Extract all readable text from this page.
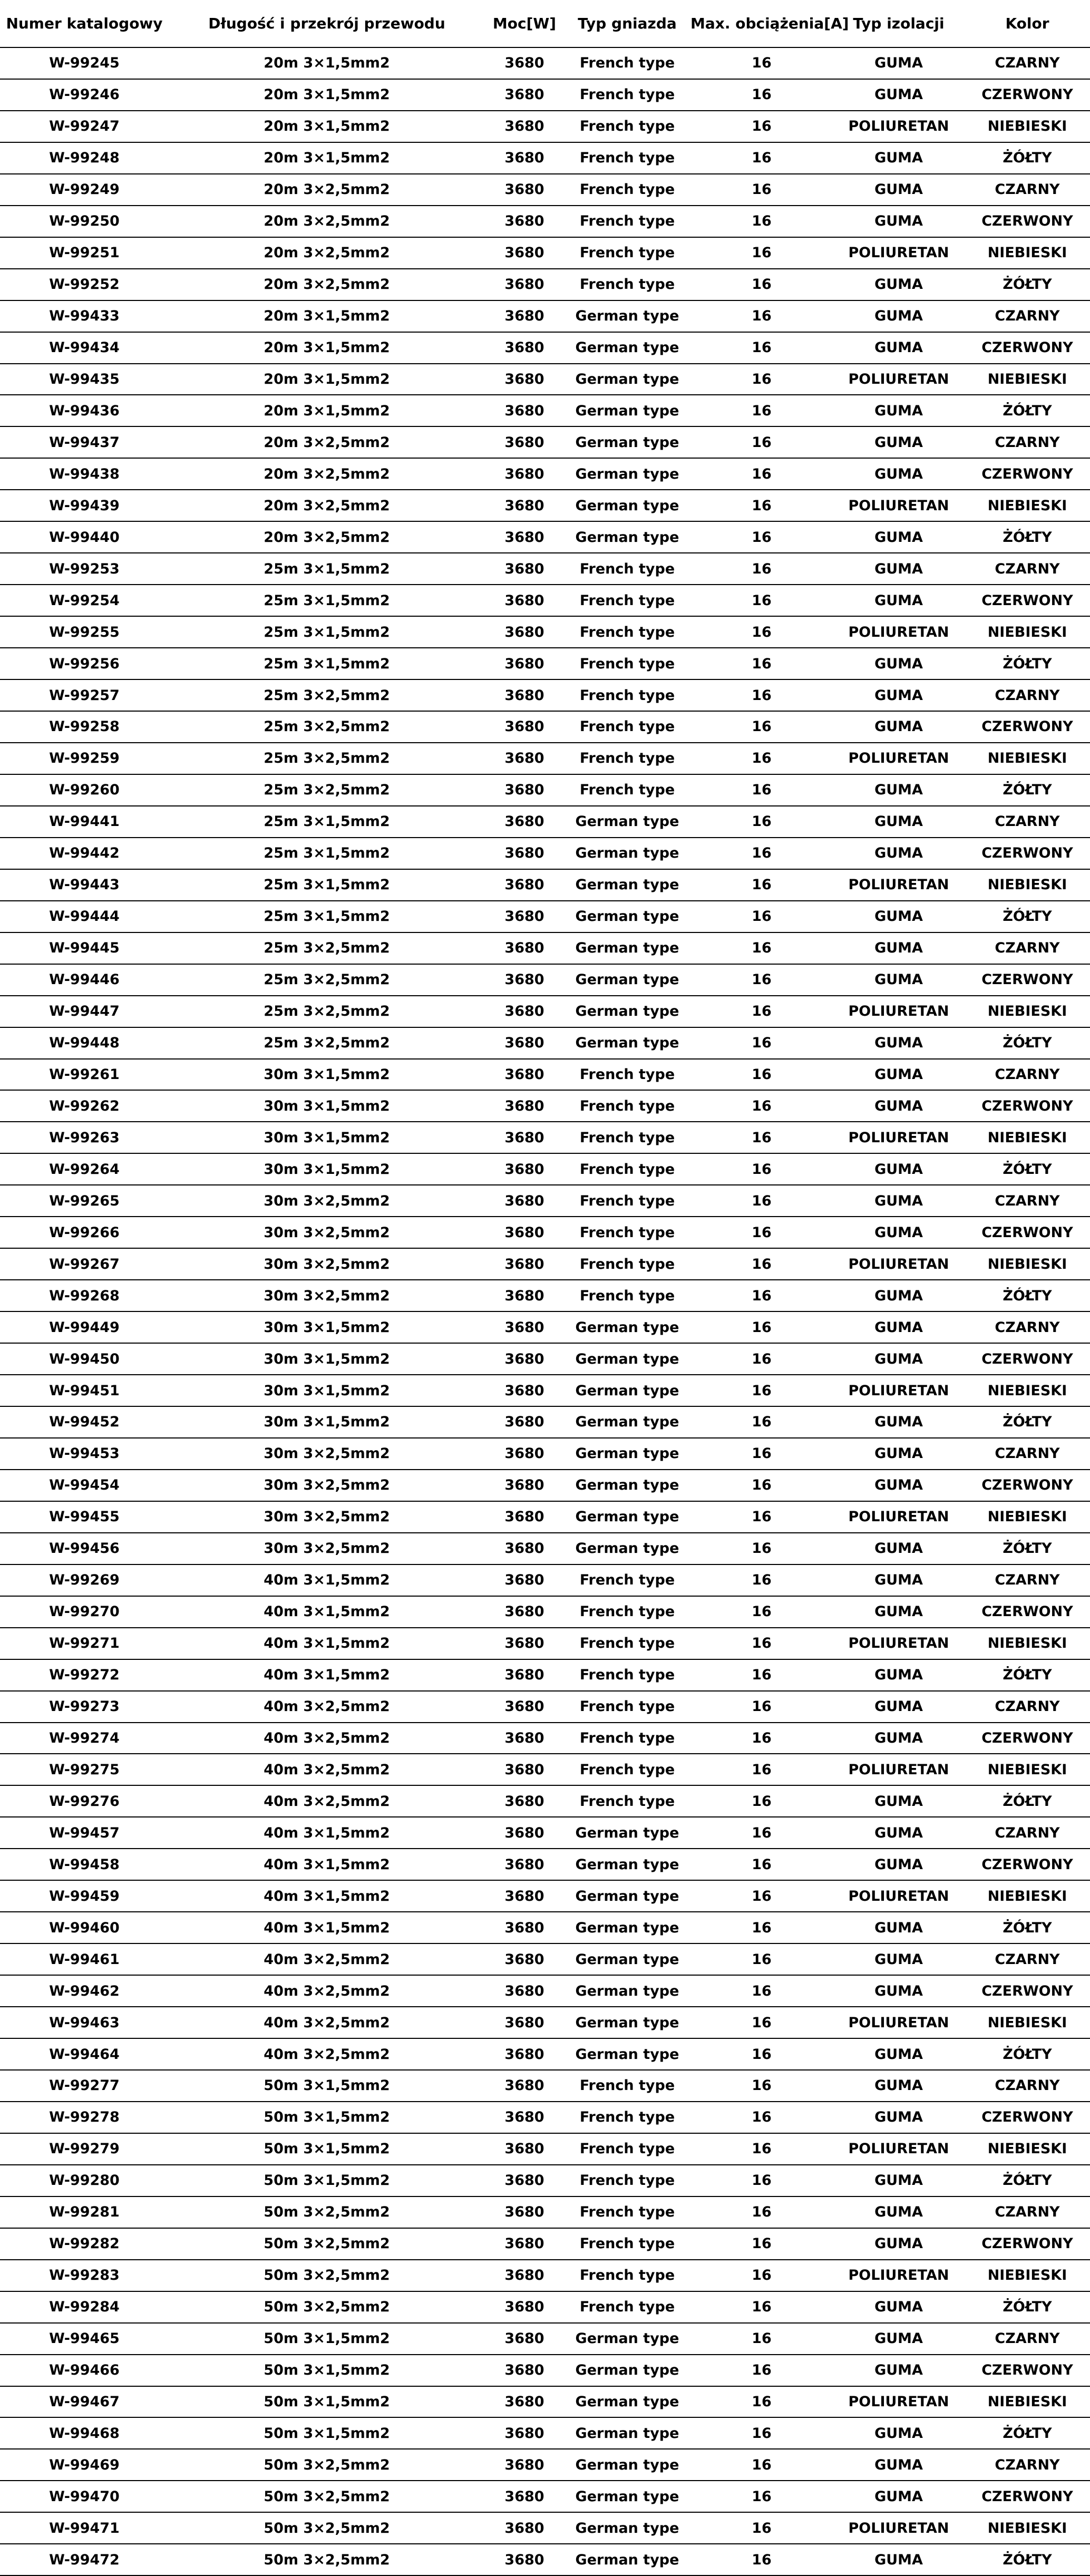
Numer katalogowy	Długość i przekrój przewodu	Moc[W]	Typ gniazda	Max. obciążenia[A]	Typ izolacji	Kolor
W-99245	20m 3×1,5mm2	3680	French type	16	GUMA	CZARNY
W-99246	20m 3×1,5mm2	3680	French type	16	GUMA	CZERWONY
W-99247	20m 3×1,5mm2	3680	French type	16	POLIURETAN	NIEBIESKI
W-99248	20m 3×1,5mm2	3680	French type	16	GUMA	ŻÓŁTY
W-99249	20m 3×2,5mm2	3680	French type	16	GUMA	CZARNY
W-99250	20m 3×2,5mm2	3680	French type	16	GUMA	CZERWONY
W-99251	20m 3×2,5mm2	3680	French type	16	POLIURETAN	NIEBIESKI
W-99252	20m 3×2,5mm2	3680	French type	16	GUMA	ŻÓŁTY
W-99433	20m 3×1,5mm2	3680	German type	16	GUMA	CZARNY
W-99434	20m 3×1,5mm2	3680	German type	16	GUMA	CZERWONY
W-99435	20m 3×1,5mm2	3680	German type	16	POLIURETAN	NIEBIESKI
W-99436	20m 3×1,5mm2	3680	German type	16	GUMA	ŻÓŁTY
W-99437	20m 3×2,5mm2	3680	German type	16	GUMA	CZARNY
W-99438	20m 3×2,5mm2	3680	German type	16	GUMA	CZERWONY
W-99439	20m 3×2,5mm2	3680	German type	16	POLIURETAN	NIEBIESKI
W-99440	20m 3×2,5mm2	3680	German type	16	GUMA	ŻÓŁTY
W-99253	25m 3×1,5mm2	3680	French type	16	GUMA	CZARNY
W-99254	25m 3×1,5mm2	3680	French type	16	GUMA	CZERWONY
W-99255	25m 3×1,5mm2	3680	French type	16	POLIURETAN	NIEBIESKI
W-99256	25m 3×1,5mm2	3680	French type	16	GUMA	ŻÓŁTY
W-99257	25m 3×2,5mm2	3680	French type	16	GUMA	CZARNY
W-99258	25m 3×2,5mm2	3680	French type	16	GUMA	CZERWONY
W-99259	25m 3×2,5mm2	3680	French type	16	POLIURETAN	NIEBIESKI
W-99260	25m 3×2,5mm2	3680	French type	16	GUMA	ŻÓŁTY
W-99441	25m 3×1,5mm2	3680	German type	16	GUMA	CZARNY
W-99442	25m 3×1,5mm2	3680	German type	16	GUMA	CZERWONY
W-99443	25m 3×1,5mm2	3680	German type	16	POLIURETAN	NIEBIESKI
W-99444	25m 3×1,5mm2	3680	German type	16	GUMA	ŻÓŁTY
W-99445	25m 3×2,5mm2	3680	German type	16	GUMA	CZARNY
W-99446	25m 3×2,5mm2	3680	German type	16	GUMA	CZERWONY
W-99447	25m 3×2,5mm2	3680	German type	16	POLIURETAN	NIEBIESKI
W-99448	25m 3×2,5mm2	3680	German type	16	GUMA	ŻÓŁTY
W-99261	30m 3×1,5mm2	3680	French type	16	GUMA	CZARNY
W-99262	30m 3×1,5mm2	3680	French type	16	GUMA	CZERWONY
W-99263	30m 3×1,5mm2	3680	French type	16	POLIURETAN	NIEBIESKI
W-99264	30m 3×1,5mm2	3680	French type	16	GUMA	ŻÓŁTY
W-99265	30m 3×2,5mm2	3680	French type	16	GUMA	CZARNY
W-99266	30m 3×2,5mm2	3680	French type	16	GUMA	CZERWONY
W-99267	30m 3×2,5mm2	3680	French type	16	POLIURETAN	NIEBIESKI
W-99268	30m 3×2,5mm2	3680	French type	16	GUMA	ŻÓŁTY
W-99449	30m 3×1,5mm2	3680	German type	16	GUMA	CZARNY
W-99450	30m 3×1,5mm2	3680	German type	16	GUMA	CZERWONY
W-99451	30m 3×1,5mm2	3680	German type	16	POLIURETAN	NIEBIESKI
W-99452	30m 3×1,5mm2	3680	German type	16	GUMA	ŻÓŁTY
W-99453	30m 3×2,5mm2	3680	German type	16	GUMA	CZARNY
W-99454	30m 3×2,5mm2	3680	German type	16	GUMA	CZERWONY
W-99455	30m 3×2,5mm2	3680	German type	16	POLIURETAN	NIEBIESKI
W-99456	30m 3×2,5mm2	3680	German type	16	GUMA	ŻÓŁTY
W-99269	40m 3×1,5mm2	3680	French type	16	GUMA	CZARNY
W-99270	40m 3×1,5mm2	3680	French type	16	GUMA	CZERWONY
W-99271	40m 3×1,5mm2	3680	French type	16	POLIURETAN	NIEBIESKI
W-99272	40m 3×1,5mm2	3680	French type	16	GUMA	ŻÓŁTY
W-99273	40m 3×2,5mm2	3680	French type	16	GUMA	CZARNY
W-99274	40m 3×2,5mm2	3680	French type	16	GUMA	CZERWONY
W-99275	40m 3×2,5mm2	3680	French type	16	POLIURETAN	NIEBIESKI
W-99276	40m 3×2,5mm2	3680	French type	16	GUMA	ŻÓŁTY
W-99457	40m 3×1,5mm2	3680	German type	16	GUMA	CZARNY
W-99458	40m 3×1,5mm2	3680	German type	16	GUMA	CZERWONY
W-99459	40m 3×1,5mm2	3680	German type	16	POLIURETAN	NIEBIESKI
W-99460	40m 3×1,5mm2	3680	German type	16	GUMA	ŻÓŁTY
W-99461	40m 3×2,5mm2	3680	German type	16	GUMA	CZARNY
W-99462	40m 3×2,5mm2	3680	German type	16	GUMA	CZERWONY
W-99463	40m 3×2,5mm2	3680	German type	16	POLIURETAN	NIEBIESKI
W-99464	40m 3×2,5mm2	3680	German type	16	GUMA	ŻÓŁTY
W-99277	50m 3×1,5mm2	3680	French type	16	GUMA	CZARNY
W-99278	50m 3×1,5mm2	3680	French type	16	GUMA	CZERWONY
W-99279	50m 3×1,5mm2	3680	French type	16	POLIURETAN	NIEBIESKI
W-99280	50m 3×1,5mm2	3680	French type	16	GUMA	ŻÓŁTY
W-99281	50m 3×2,5mm2	3680	French type	16	GUMA	CZARNY
W-99282	50m 3×2,5mm2	3680	French type	16	GUMA	CZERWONY
W-99283	50m 3×2,5mm2	3680	French type	16	POLIURETAN	NIEBIESKI
W-99284	50m 3×2,5mm2	3680	French type	16	GUMA	ŻÓŁTY
W-99465	50m 3×1,5mm2	3680	German type	16	GUMA	CZARNY
W-99466	50m 3×1,5mm2	3680	German type	16	GUMA	CZERWONY
W-99467	50m 3×1,5mm2	3680	German type	16	POLIURETAN	NIEBIESKI
W-99468	50m 3×1,5mm2	3680	German type	16	GUMA	ŻÓŁTY
W-99469	50m 3×2,5mm2	3680	German type	16	GUMA	CZARNY
W-99470	50m 3×2,5mm2	3680	German type	16	GUMA	CZERWONY
W-99471	50m 3×2,5mm2	3680	German type	16	POLIURETAN	NIEBIESKI
W-99472	50m 3×2,5mm2	3680	German type	16	GUMA	ŻÓŁTY
